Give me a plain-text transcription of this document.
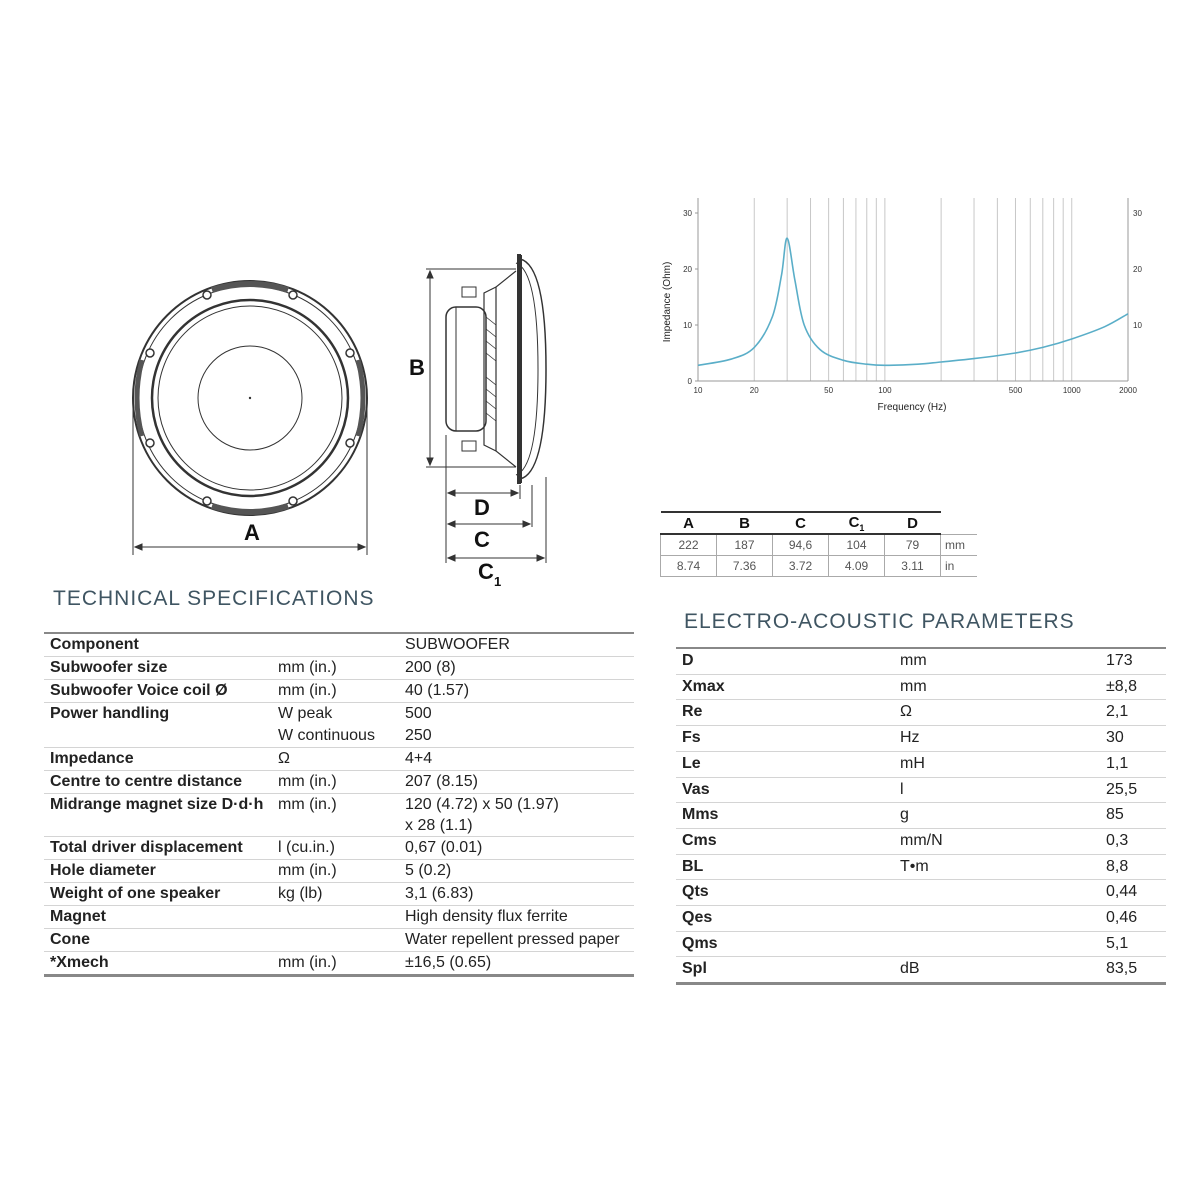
A
B
D
C
C 1
0
10
20
30
10
20
30
10	20	50	100	500	1000	2000
Impedance (Ohm)
Frequency (Hz)
A	B	C	$C_1$	D	
222	187	94,6	104	79	mm
8.74	7.36	3.72	4.09	3.11	in
TECHNICAL SPECIFICATIONS
Component		SUBWOOFER
Subwoofer size	mm (in.)	200 (8)
Subwoofer Voice coil Ø	mm (in.)	40 (1.57)
Power handling	W peak	500
	W continuous	250
Impedance	Ω	4+4
Centre to centre distance	mm (in.)	207 (8.15)
Midrange magnet size D·d·h	mm (in.)	120 (4.72) x 50 (1.97)
x 28 (1.1)

Total driver displacement	l (cu.in.)	0,67 (0.01)
Hole diameter	mm (in.)	5 (0.2)
Weight of one speaker	kg (lb)	3,1 (6.83)
Magnet		High density flux ferrite
Cone		Water repellent pressed paper
*Xmech	mm (in.)	±16,5 (0.65)
ELECTRO-ACOUSTIC PARAMETERS
D	mm	173
Xmax	mm	±8,8
Re	Ω	2,1
Fs	Hz	30
Le	mH	1,1
Vas	l	25,5
Mms	g	85
Cms	mm/N	0,3
BL	T•m	8,8
Qts		0,44
Qes		0,46
Qms		5,1
Spl	dB	83,5
